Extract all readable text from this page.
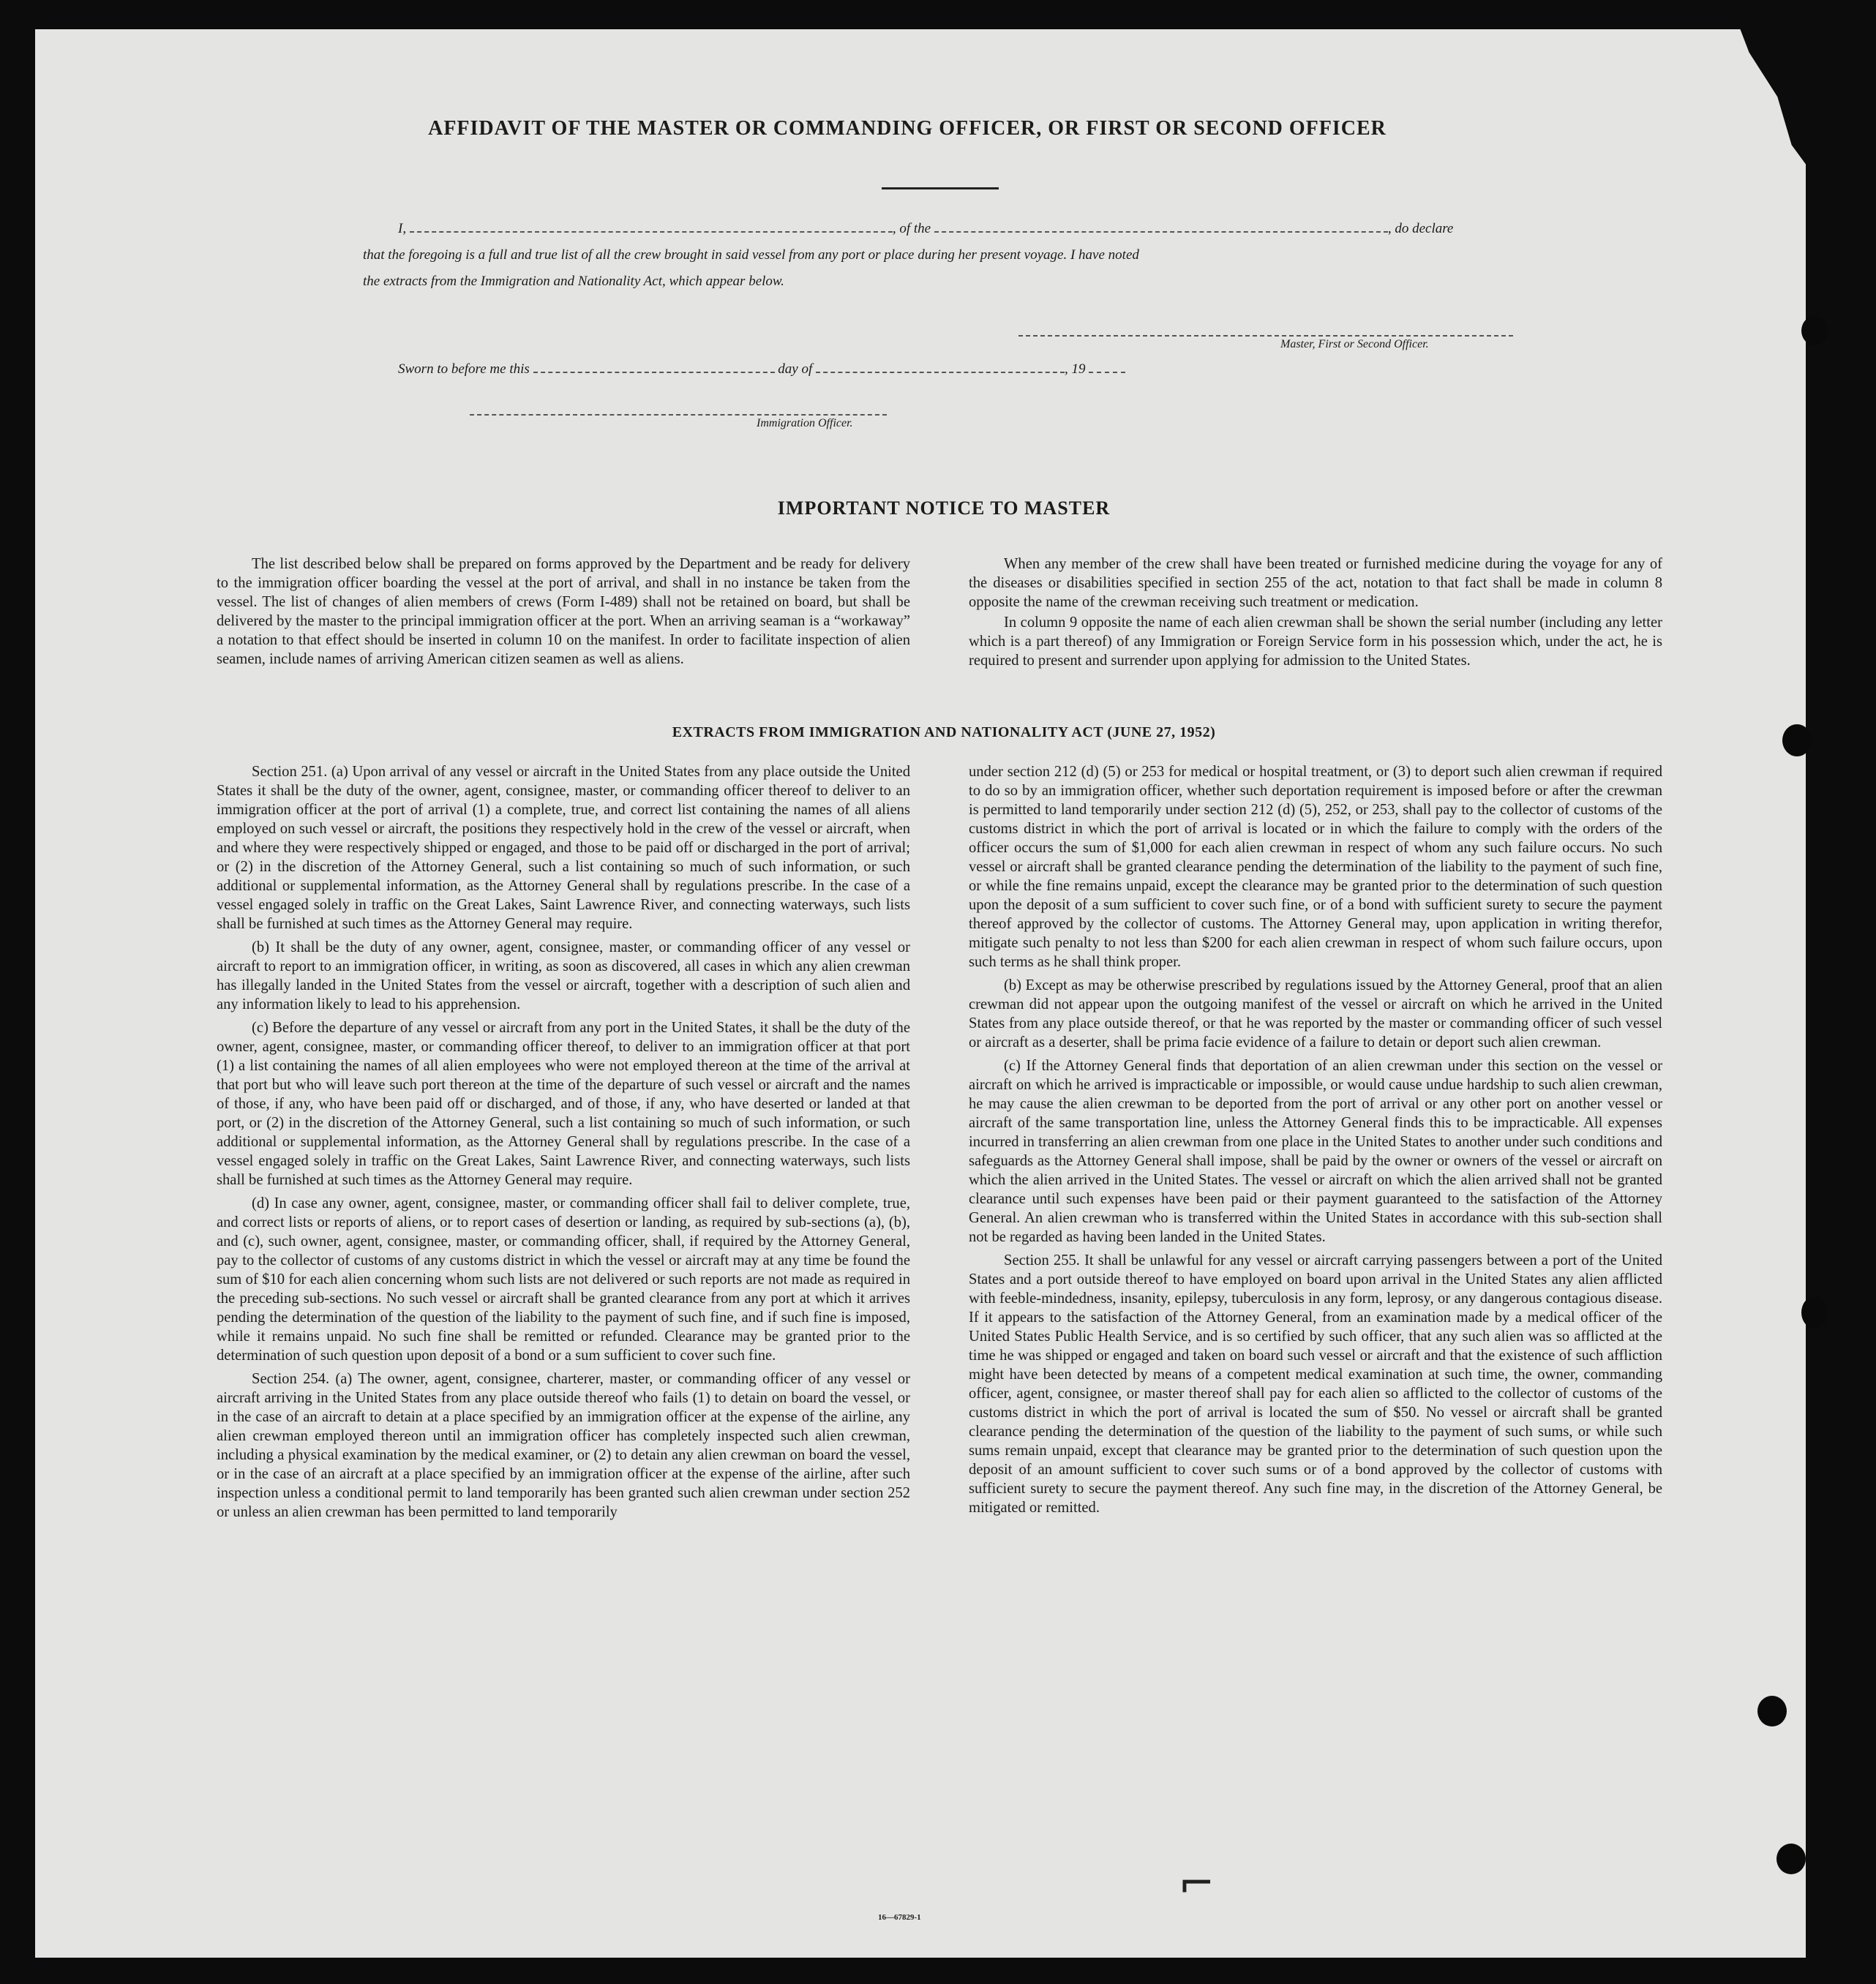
AFFIDAVIT OF THE MASTER OR COMMANDING OFFICER, OR FIRST OR SECOND OFFICER
I,	, of the	, do declare
that the foregoing is a full and true list of all the crew brought in said vessel from any port or place during her present voyage. I have noted
the extracts from the Immigration and Nationality Act, which appear below.
Master, First or Second Officer.
Sworn to before me this	day of	, 19
Immigration Officer.
IMPORTANT NOTICE TO MASTER

The list described below shall be prepared on forms approved by the Department and be ready for delivery to the immigration officer boarding the vessel at the port of arrival, and shall in no instance be taken from the vessel. The list of changes of alien members of crews (Form I-489) shall not be retained on board, but shall be delivered by the master to the principal immigration officer at the port. When an arriving seaman is a “workaway” a notation to that effect should be inserted in column 10 on the manifest. In order to facilitate inspection of alien seamen, include names of arriving American citizen seamen as well as aliens.

When any member of the crew shall have been treated or furnished medicine during the voyage for any of the diseases or disabilities specified in section 255 of the act, notation to that fact shall be made in column 8 opposite the name of the crewman receiving such treatment or medication.

In column 9 opposite the name of each alien crewman shall be shown the serial number (including any letter which is a part thereof) of any Immigration or Foreign Service form in his possession which, under the act, he is required to present and surrender upon applying for admission to the United States.

EXTRACTS FROM IMMIGRATION AND NATIONALITY ACT (JUNE 27, 1952)

Section 251. (a) Upon arrival of any vessel or aircraft in the United States from any place outside the United States it shall be the duty of the owner, agent, consignee, master, or commanding officer thereof to deliver to an immigration officer at the port of arrival (1) a complete, true, and correct list containing the names of all aliens employed on such vessel or aircraft, the positions they respectively hold in the crew of the vessel or aircraft, when and where they were respectively shipped or engaged, and those to be paid off or discharged in the port of arrival; or (2) in the discretion of the Attorney General, such a list containing so much of such information, or such additional or supplemental information, as the Attorney General shall by regulations prescribe. In the case of a vessel engaged solely in traffic on the Great Lakes, Saint Lawrence River, and connecting waterways, such lists shall be furnished at such times as the Attorney General may require.

(b) It shall be the duty of any owner, agent, consignee, master, or commanding officer of any vessel or aircraft to report to an immigration officer, in writing, as soon as discovered, all cases in which any alien crewman has illegally landed in the United States from the vessel or aircraft, together with a description of such alien and any information likely to lead to his apprehension.

(c) Before the departure of any vessel or aircraft from any port in the United States, it shall be the duty of the owner, agent, consignee, master, or commanding officer thereof, to deliver to an immigration officer at that port (1) a list containing the names of all alien employees who were not employed thereon at the time of the arrival at that port but who will leave such port thereon at the time of the departure of such vessel or aircraft and the names of those, if any, who have been paid off or discharged, and of those, if any, who have deserted or landed at that port, or (2) in the discretion of the Attorney General, such a list containing so much of such information, or such additional or supplemental information, as the Attorney General shall by regulations prescribe. In the case of a vessel engaged solely in traffic on the Great Lakes, Saint Lawrence River, and connecting waterways, such lists shall be furnished at such times as the Attorney General may require.

(d) In case any owner, agent, consignee, master, or commanding officer shall fail to deliver complete, true, and correct lists or reports of aliens, or to report cases of desertion or landing, as required by sub-sections (a), (b), and (c), such owner, agent, consignee, master, or commanding officer, shall, if required by the Attorney General, pay to the collector of customs of any customs district in which the vessel or aircraft may at any time be found the sum of $10 for each alien concerning whom such lists are not delivered or such reports are not made as required in the preceding sub-sections. No such vessel or aircraft shall be granted clearance from any port at which it arrives pending the determination of the question of the liability to the payment of such fine, and if such fine is imposed, while it remains unpaid. No such fine shall be remitted or refunded. Clearance may be granted prior to the determination of such question upon deposit of a bond or a sum sufficient to cover such fine.

Section 254. (a) The owner, agent, consignee, charterer, master, or commanding officer of any vessel or aircraft arriving in the United States from any place outside thereof who fails (1) to detain on board the vessel, or in the case of an aircraft to detain at a place specified by an immigration officer at the expense of the airline, any alien crewman employed thereon until an immigration officer has completely inspected such alien crewman, including a physical examination by the medical examiner, or (2) to detain any alien crewman on board the vessel, or in the case of an aircraft at a place specified by an immigration officer at the expense of the airline, after such inspection unless a conditional permit to land temporarily has been granted such alien crewman under section 252 or unless an alien crewman has been permitted to land temporarily

under section 212 (d) (5) or 253 for medical or hospital treatment, or (3) to deport such alien crewman if required to do so by an immigration officer, whether such deportation requirement is imposed before or after the crewman is permitted to land temporarily under section 212 (d) (5), 252, or 253, shall pay to the collector of customs of the customs district in which the port of arrival is located or in which the failure to comply with the orders of the officer occurs the sum of $1,000 for each alien crewman in respect of whom any such failure occurs. No such vessel or aircraft shall be granted clearance pending the determination of the liability to the payment of such fine, or while the fine remains unpaid, except the clearance may be granted prior to the determination of such question upon the deposit of a sum sufficient to cover such fine, or of a bond with sufficient surety to secure the payment thereof approved by the collector of customs. The Attorney General may, upon application in writing therefor, mitigate such penalty to not less than $200 for each alien crewman in respect of whom such failure occurs, upon such terms as he shall think proper.

(b) Except as may be otherwise prescribed by regulations issued by the Attorney General, proof that an alien crewman did not appear upon the outgoing manifest of the vessel or aircraft on which he arrived in the United States from any place outside thereof, or that he was reported by the master or commanding officer of such vessel or aircraft as a deserter, shall be prima facie evidence of a failure to detain or deport such alien crewman.

(c) If the Attorney General finds that deportation of an alien crewman under this section on the vessel or aircraft on which he arrived is impracticable or impossible, or would cause undue hardship to such alien crewman, he may cause the alien crewman to be deported from the port of arrival or any other port on another vessel or aircraft of the same transportation line, unless the Attorney General finds this to be impracticable. All expenses incurred in transferring an alien crewman from one place in the United States to another under such conditions and safeguards as the Attorney General shall impose, shall be paid by the owner or owners of the vessel or aircraft on which the alien arrived in the United States. The vessel or aircraft on which the alien arrived shall not be granted clearance until such expenses have been paid or their payment guaranteed to the satisfaction of the Attorney General. An alien crewman who is transferred within the United States in accordance with this sub-section shall not be regarded as having been landed in the United States.

Section 255. It shall be unlawful for any vessel or aircraft carrying passengers between a port of the United States and a port outside thereof to have employed on board upon arrival in the United States any alien afflicted with feeble-mindedness, insanity, epilepsy, tuberculosis in any form, leprosy, or any dangerous contagious disease. If it appears to the satisfaction of the Attorney General, from an examination made by a medical officer of the United States Public Health Service, and is so certified by such officer, that any such alien was so afflicted at the time he was shipped or engaged and taken on board such vessel or aircraft and that the existence of such affliction might have been detected by means of a competent medical examination at such time, the owner, commanding officer, agent, consignee, or master thereof shall pay for each alien so afflicted to the collector of customs of the customs district in which the port of arrival is located the sum of $50. No vessel or aircraft shall be granted clearance pending the determination of the question of the liability to the payment of such sums, or while such sums remain unpaid, except that clearance may be granted prior to the determination of such question upon the deposit of an amount sufficient to cover such sums or of a bond approved by the collector of customs with sufficient surety to secure the payment thereof. Any such fine may, in the discretion of the Attorney General, be mitigated or remitted.

16—67829-1
⌐
